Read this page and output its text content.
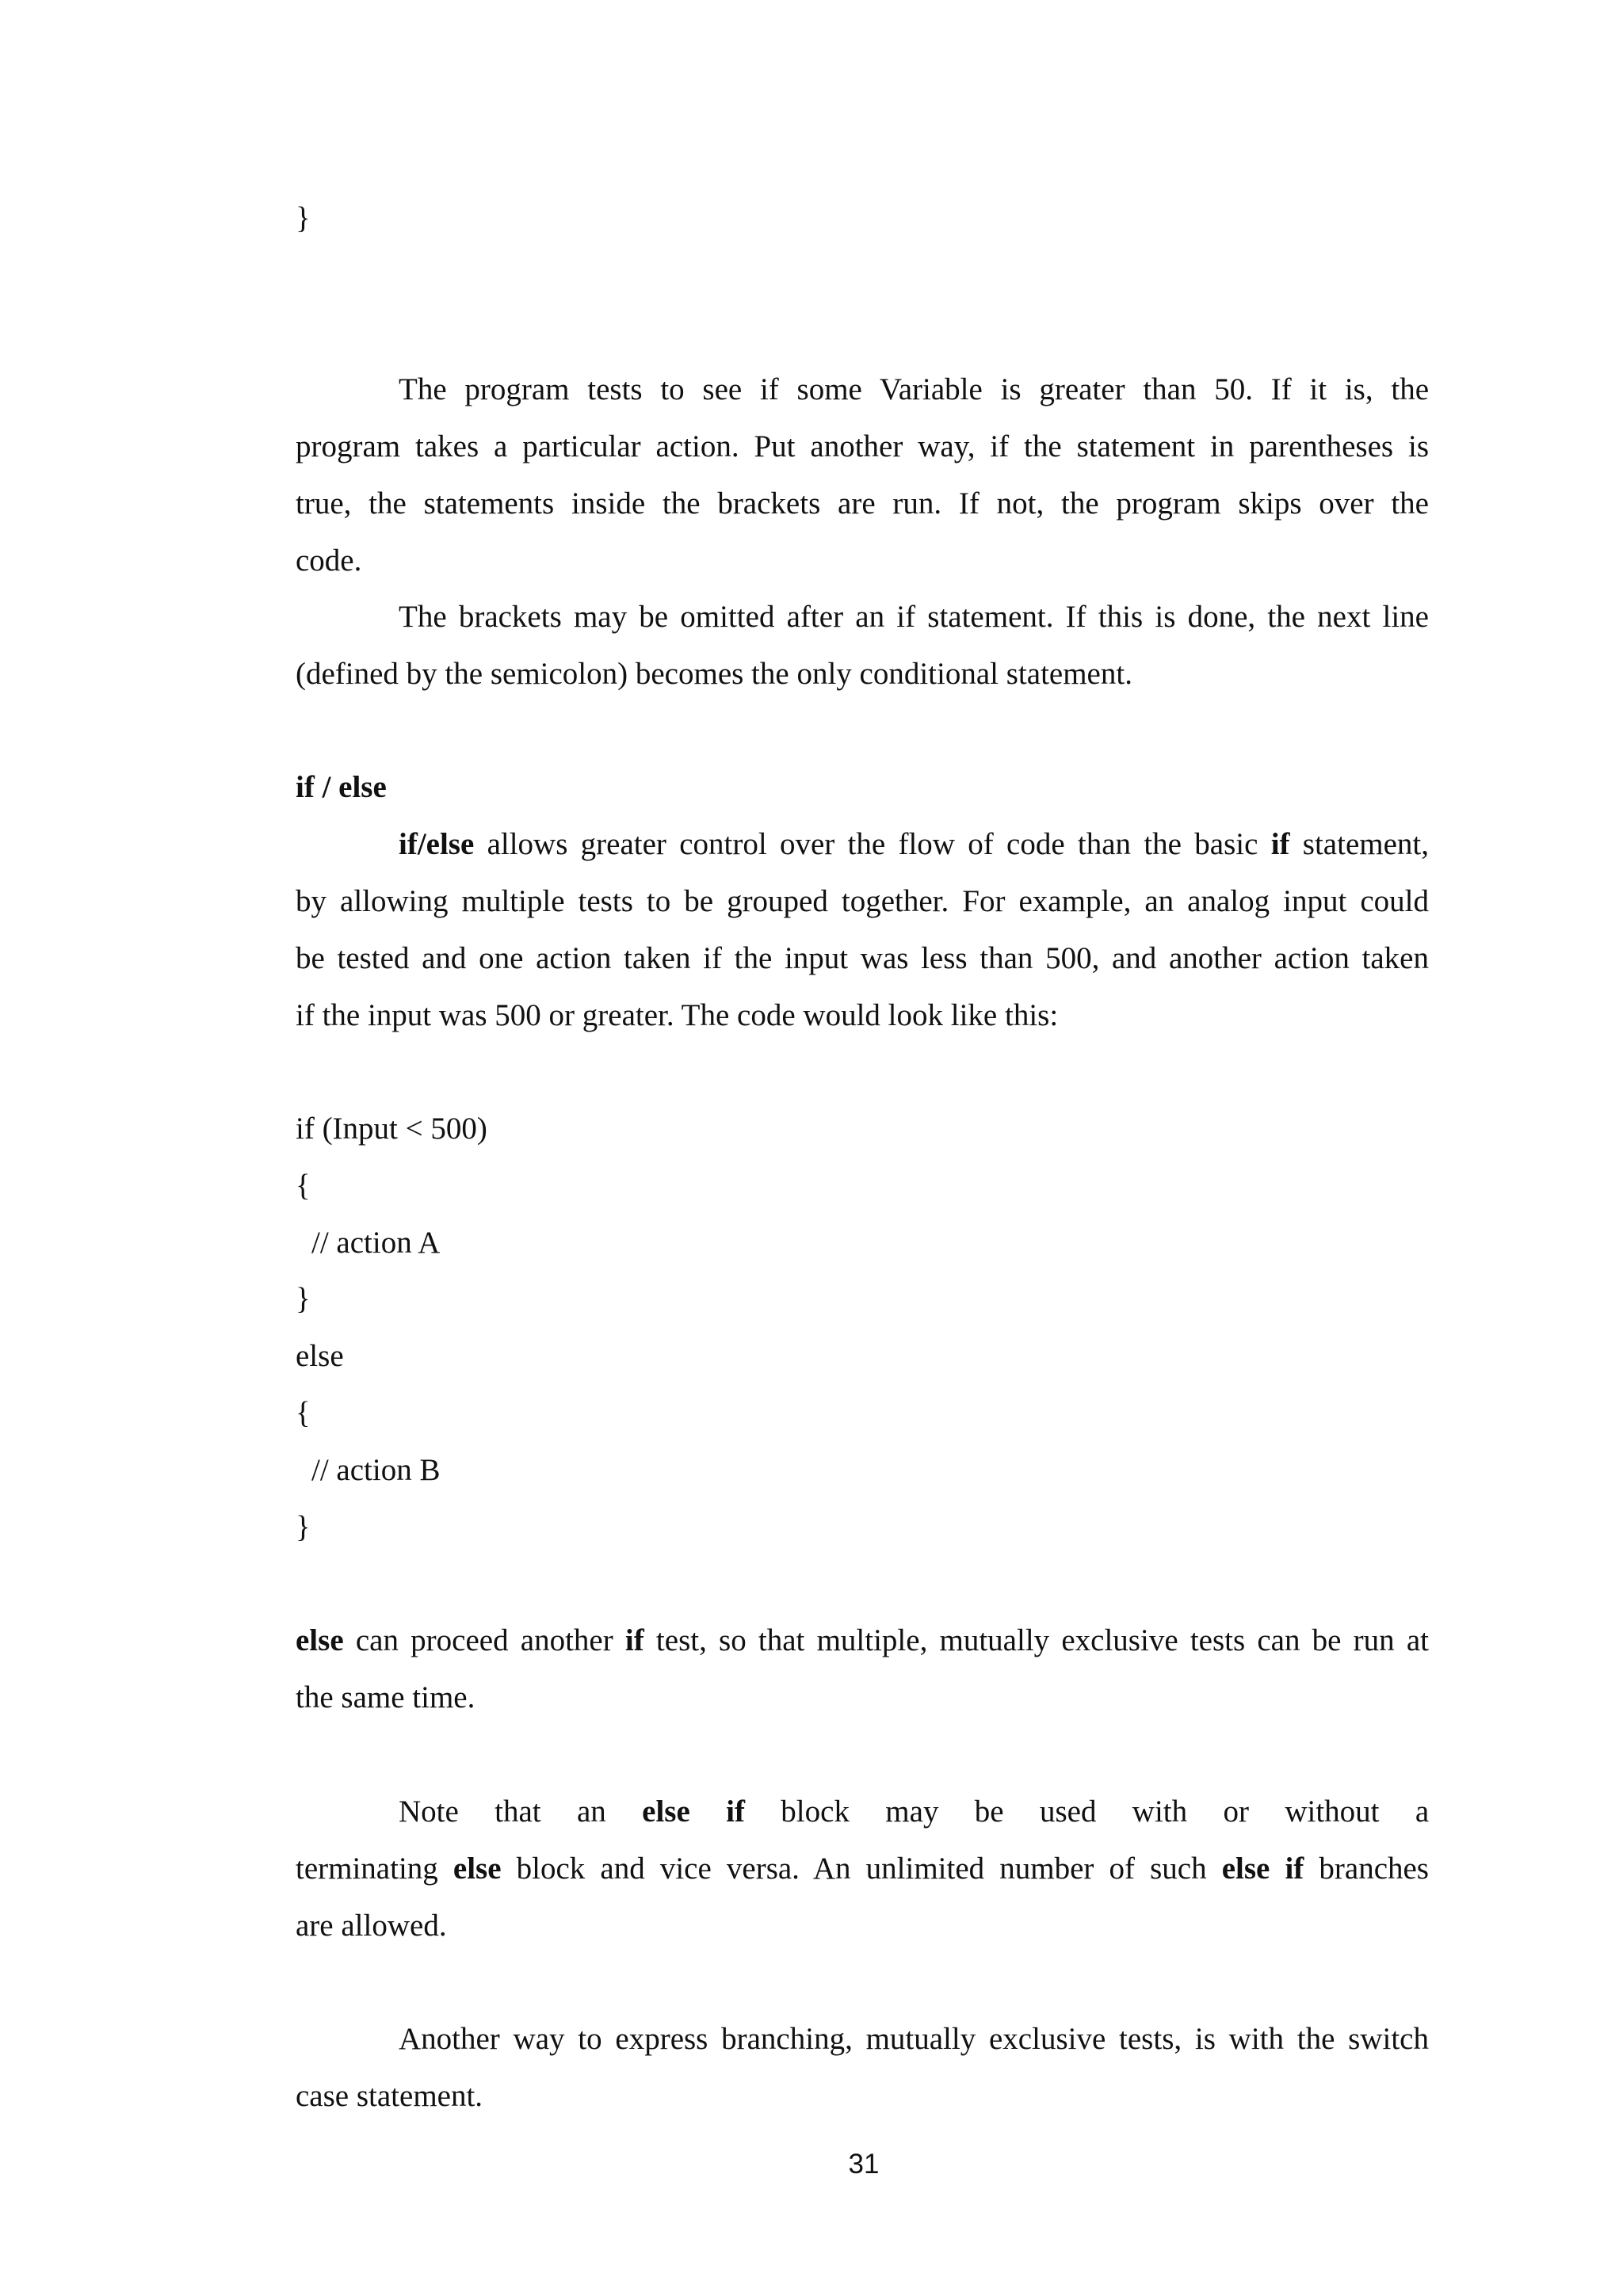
}
The program tests to see if some Variable is greater than 50. If it is, the
program takes a particular action. Put another way, if the statement in parentheses is
true, the statements inside the brackets are run. If not, the program skips over the
code.
The brackets may be omitted after an if statement. If this is done, the next line
(defined by the semicolon) becomes the only conditional statement.
if / else
if/else allows greater control over the flow of code than the basic if statement,
by allowing multiple tests to be grouped together. For example, an analog input could
be tested and one action taken if the input was less than 500, and another action taken
if the input was 500 or greater. The code would look like this:
if (Input < 500)
{
// action A
}
else
{
// action B
}
else can proceed another if test, so that multiple, mutually exclusive tests can be run at
the same time.
Note that an else if block may be used with or without a
terminating else block and vice versa. An unlimited number of such else if branches
are allowed.
Another way to express branching, mutually exclusive tests, is with the switch
case statement.
31
